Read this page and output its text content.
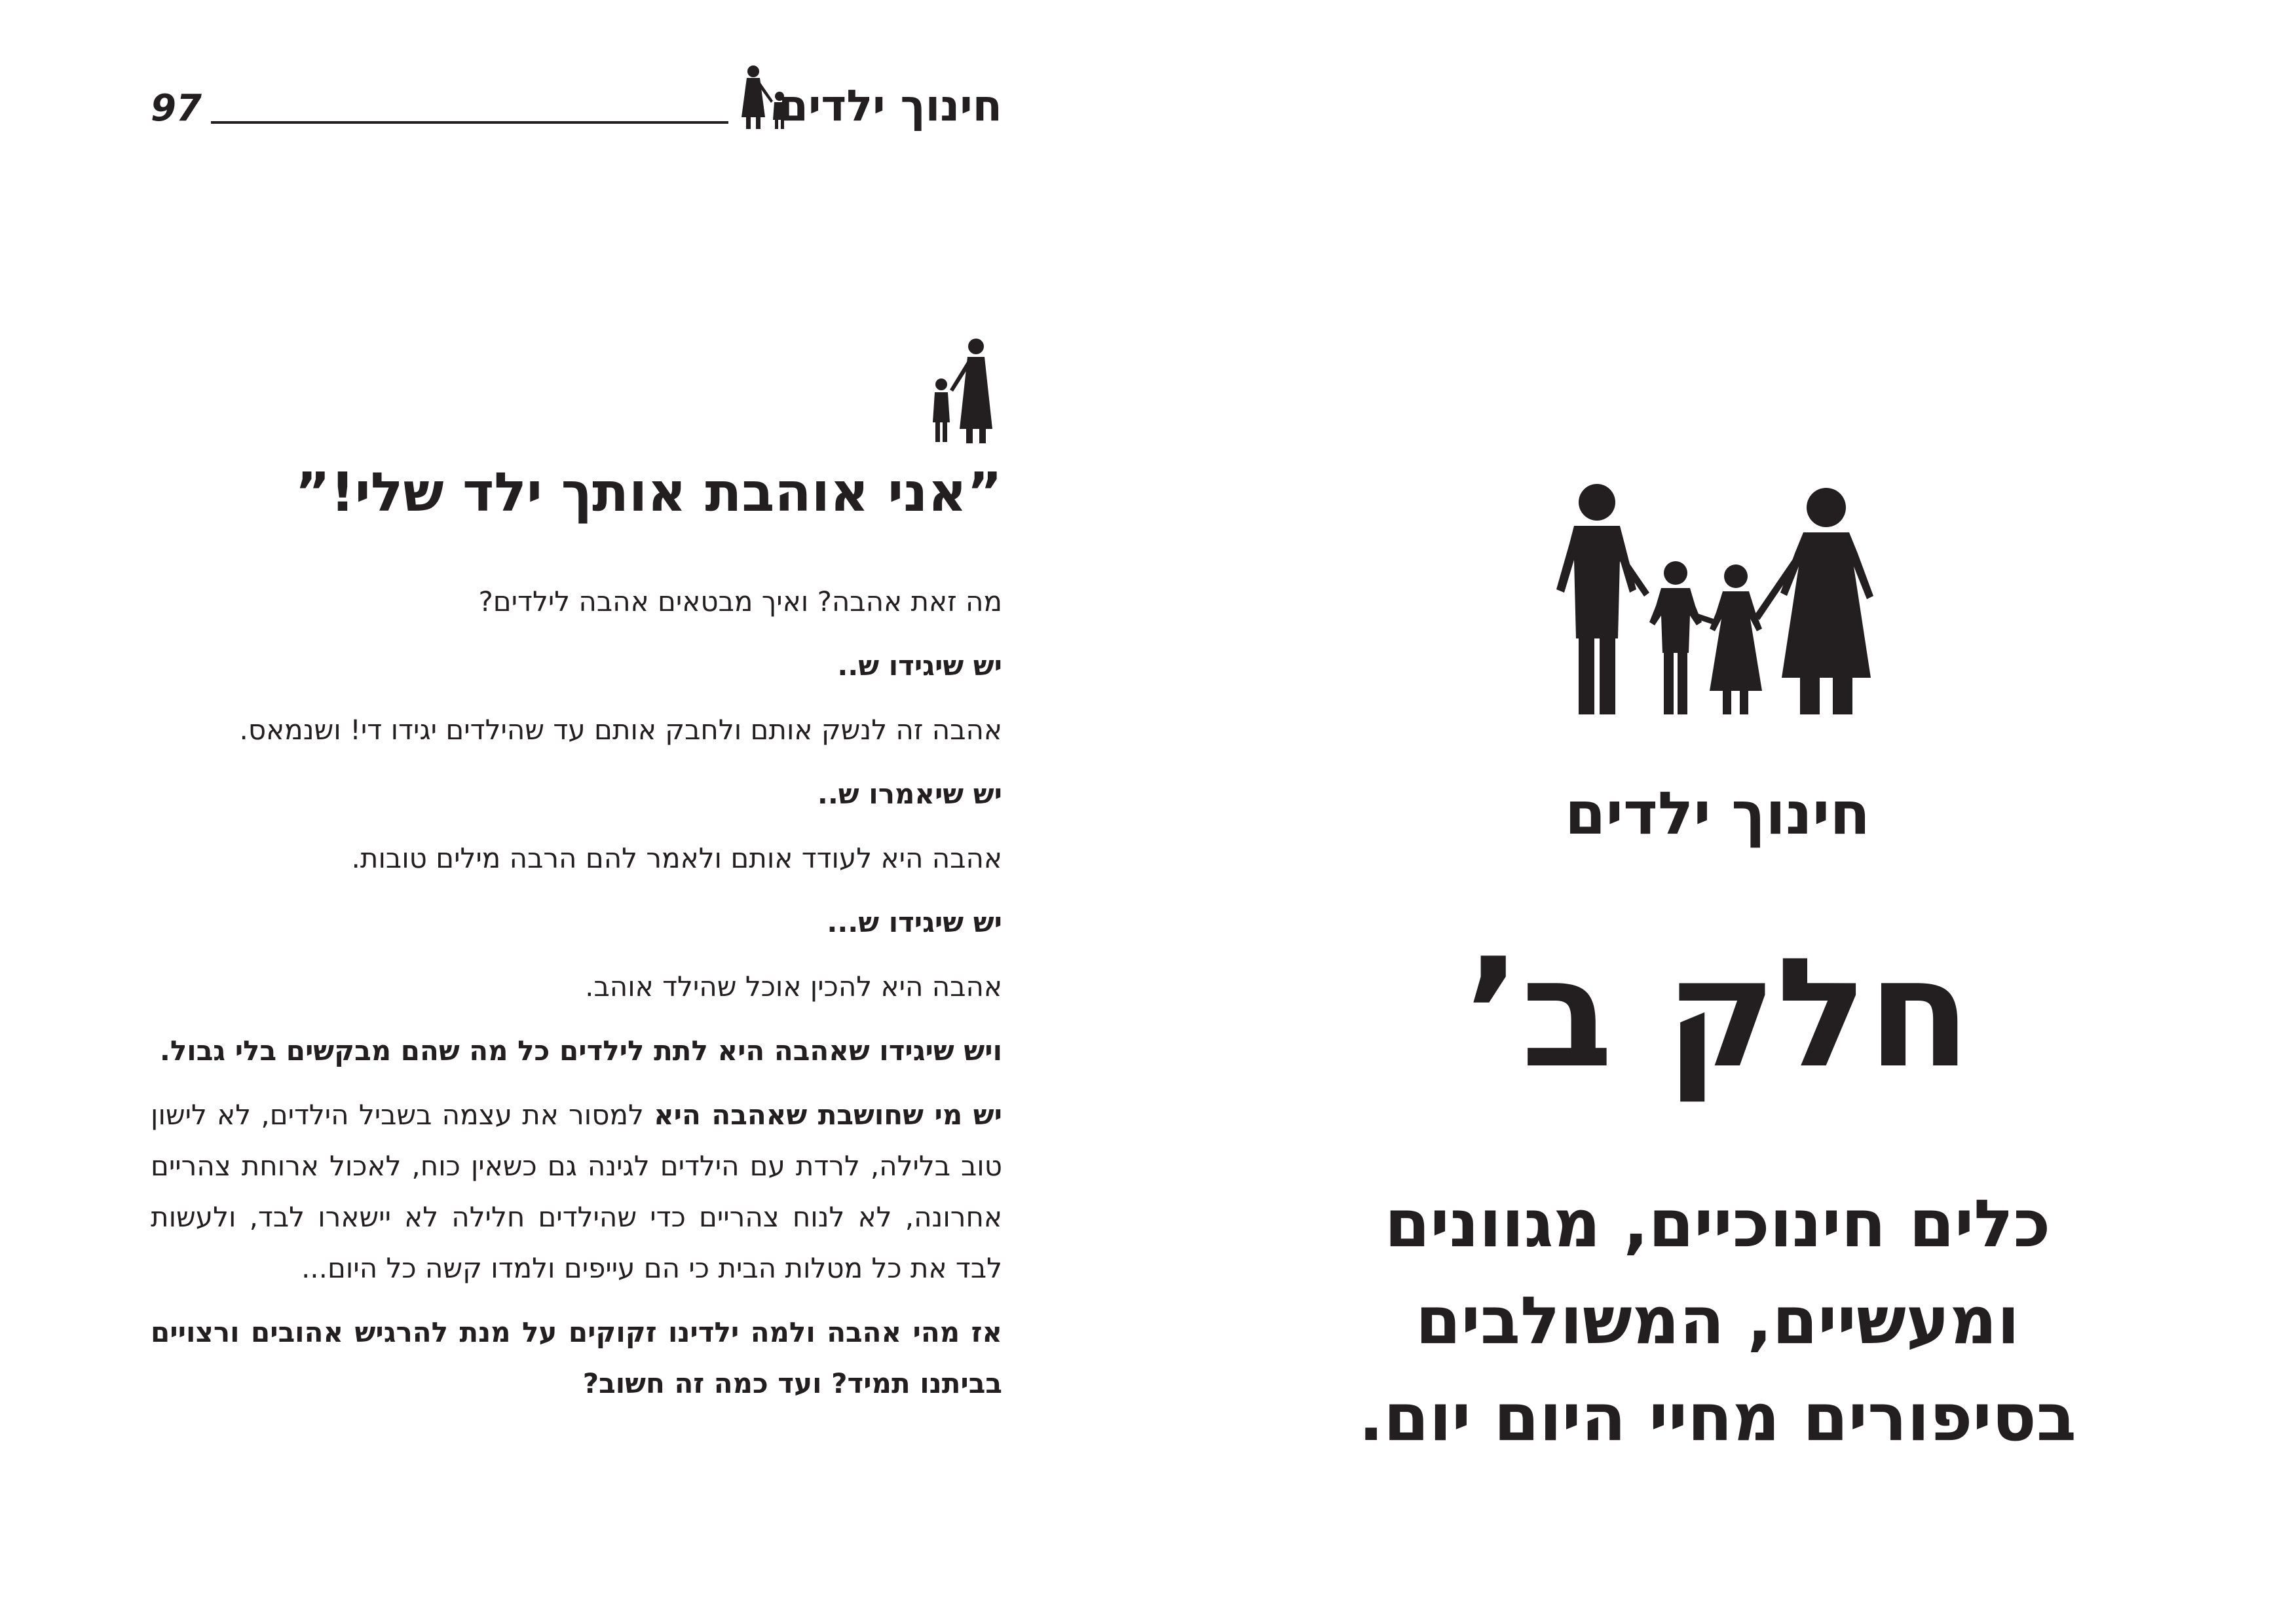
97	חינוך ילדים
”אני אוהבת אותך ילד שלי!”

מה זאת אהבה? ואיך מבטאים אהבה לילדים?

יש שיגידו ש..

אהבה זה לנשק אותם ולחבק אותם עד שהילדים יגידו די! ושנמאס.

יש שיאמרו ש..

אהבה היא לעודד אותם ולאמר להם הרבה מילים טובות.

יש שיגידו ש...

אהבה היא להכין אוכל שהילד אוהב.

ויש שיגידו שאהבה היא לתת לילדים כל מה שהם מבקשים בלי גבול.

יש מי שחושבת שאהבה היא למסור את עצמה בשביל הילדים, לא לישון טוב בלילה, לרדת עם הילדים לגינה גם כשאין כוח, לאכול ארוחת צהריים אחרונה, לא לנוח צהריים כדי שהילדים חלילה לא יישארו לבד, ולעשות לבד את כל מטלות הבית כי הם עייפים ולמדו קשה כל היום...

אז מהי אהבה ולמה ילדינו זקוקים על מנת להרגיש אהובים ורצויים בביתנו תמיד? ועד כמה זה חשוב?

חינוך ילדים
חלק ב’
כלים חינוכיים, מגוונים
ומעשיים, המשולבים
בסיפורים מחיי היום יום.
